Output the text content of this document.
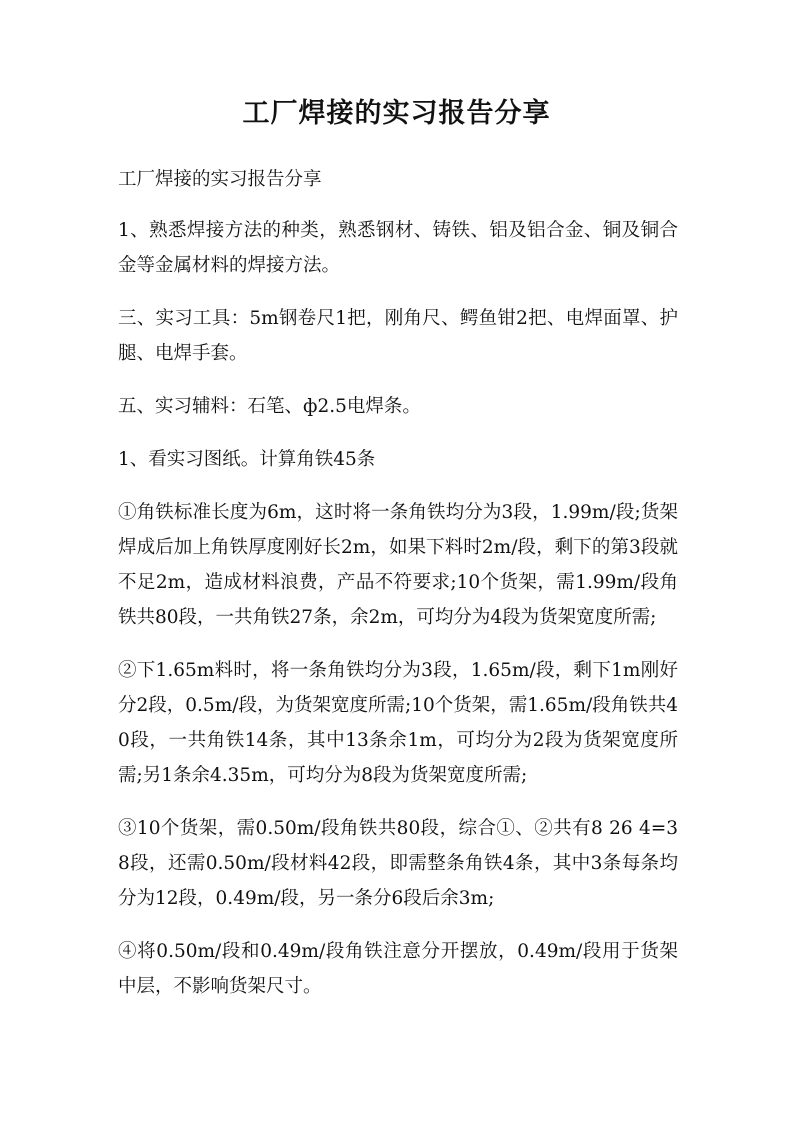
工厂焊接的实习报告分享

工厂焊接的实习报告分享

1、熟悉焊接方法的种类，熟悉钢材、铸铁、铝及铝合金、铜及铜合金等金属材料的焊接方法。

三、实习工具：5m钢卷尺1把，刚角尺、鳄鱼钳2把、电焊面罩、护腿、电焊手套。

五、实习辅料：石笔、ф2.5电焊条。

1、看实习图纸。计算角铁45条

①角铁标准长度为6m，这时将一条角铁均分为3段，1.99m/段;货架焊成后加上角铁厚度刚好长2m，如果下料时2m/段，剩下的第3段就不足2m，造成材料浪费，产品不符要求;10个货架，需1.99m/段角铁共80段，一共角铁27条，余2m，可均分为4段为货架宽度所需;

②下1.65m料时，将一条角铁均分为3段，1.65m/段，剩下1m刚好分2段，0.5m/段，为货架宽度所需;10个货架，需1.65m/段角铁共40段，一共角铁14条，其中13条余1m，可均分为2段为货架宽度所需;另1条余4.35m，可均分为8段为货架宽度所需;

③10个货架，需0.50m/段角铁共80段，综合①、②共有8 26 4=38段，还需0.50m/段材料42段，即需整条角铁4条，其中3条每条均分为12段，0.49m/段，另一条分6段后余3m;

④将0.50m/段和0.49m/段角铁注意分开摆放，0.49m/段用于货架中层，不影响货架尺寸。
